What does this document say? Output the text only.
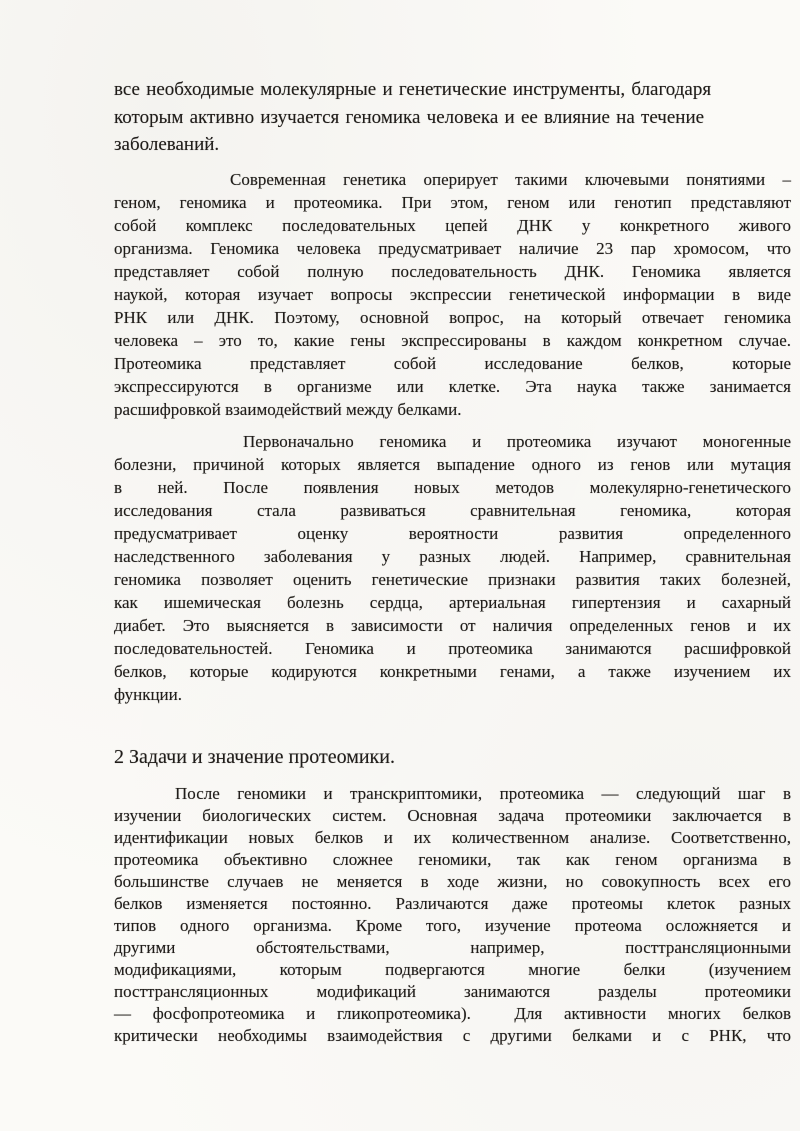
все необходимые молекулярные и генетические инструменты, благодаря
которым активно изучается геномика человека и ее влияние на течение
заболеваний.
Современная генетика оперирует такими ключевыми понятиями –
геном, геномика и протеомика. При этом, геном или генотип представляют
собой комплекс последовательных цепей ДНК у конкретного живого
организма. Геномика человека предусматривает наличие 23 пар хромосом, что
представляет собой полную последовательность ДНК. Геномика является
наукой, которая изучает вопросы экспрессии генетической информации в виде
РНК или ДНК. Поэтому, основной вопрос, на который отвечает геномика
человека – это то, какие гены экспрессированы в каждом конкретном случае.
Протеомика представляет собой исследование белков, которые
экспрессируются в организме или клетке. Эта наука также занимается
расшифровкой взаимодействий между белками.
Первоначально геномика и протеомика изучают моногенные
болезни, причиной которых является выпадение одного из генов или мутация
в ней. После появления новых методов молекулярно-генетического
исследования стала развиваться сравнительная геномика, которая
предусматривает оценку вероятности развития определенного
наследственного заболевания у разных людей. Например, сравнительная
геномика позволяет оценить генетические признаки развития таких болезней,
как ишемическая болезнь сердца, артериальная гипертензия и сахарный
диабет. Это выясняется в зависимости от наличия определенных генов и их
последовательностей. Геномика и протеомика занимаются расшифровкой
белков, которые кодируются конкретными генами, а также изучением их
функции.
2 Задачи и значение протеомики.
После геномики и транскриптомики, протеомика — следующий шаг в
изучении биологических систем. Основная задача протеомики заключается в
идентификации новых белков и их количественном анализе. Соответственно,
протеомика объективно сложнее геномики, так как геном организма в
большинстве случаев не меняется в ходе жизни, но совокупность всех его
белков изменяется постоянно. Различаются даже протеомы клеток разных
типов одного организма. Кроме того, изучение протеома осложняется и
другими обстоятельствами, например, посттрансляционными
модификациями, которым подвергаются многие белки (изучением
посттрансляционных модификаций занимаются разделы протеомики
— фосфопротеомика и гликопротеомика).  Для активности многих белков
критически необходимы взаимодействия с другими белками и с РНК, что
